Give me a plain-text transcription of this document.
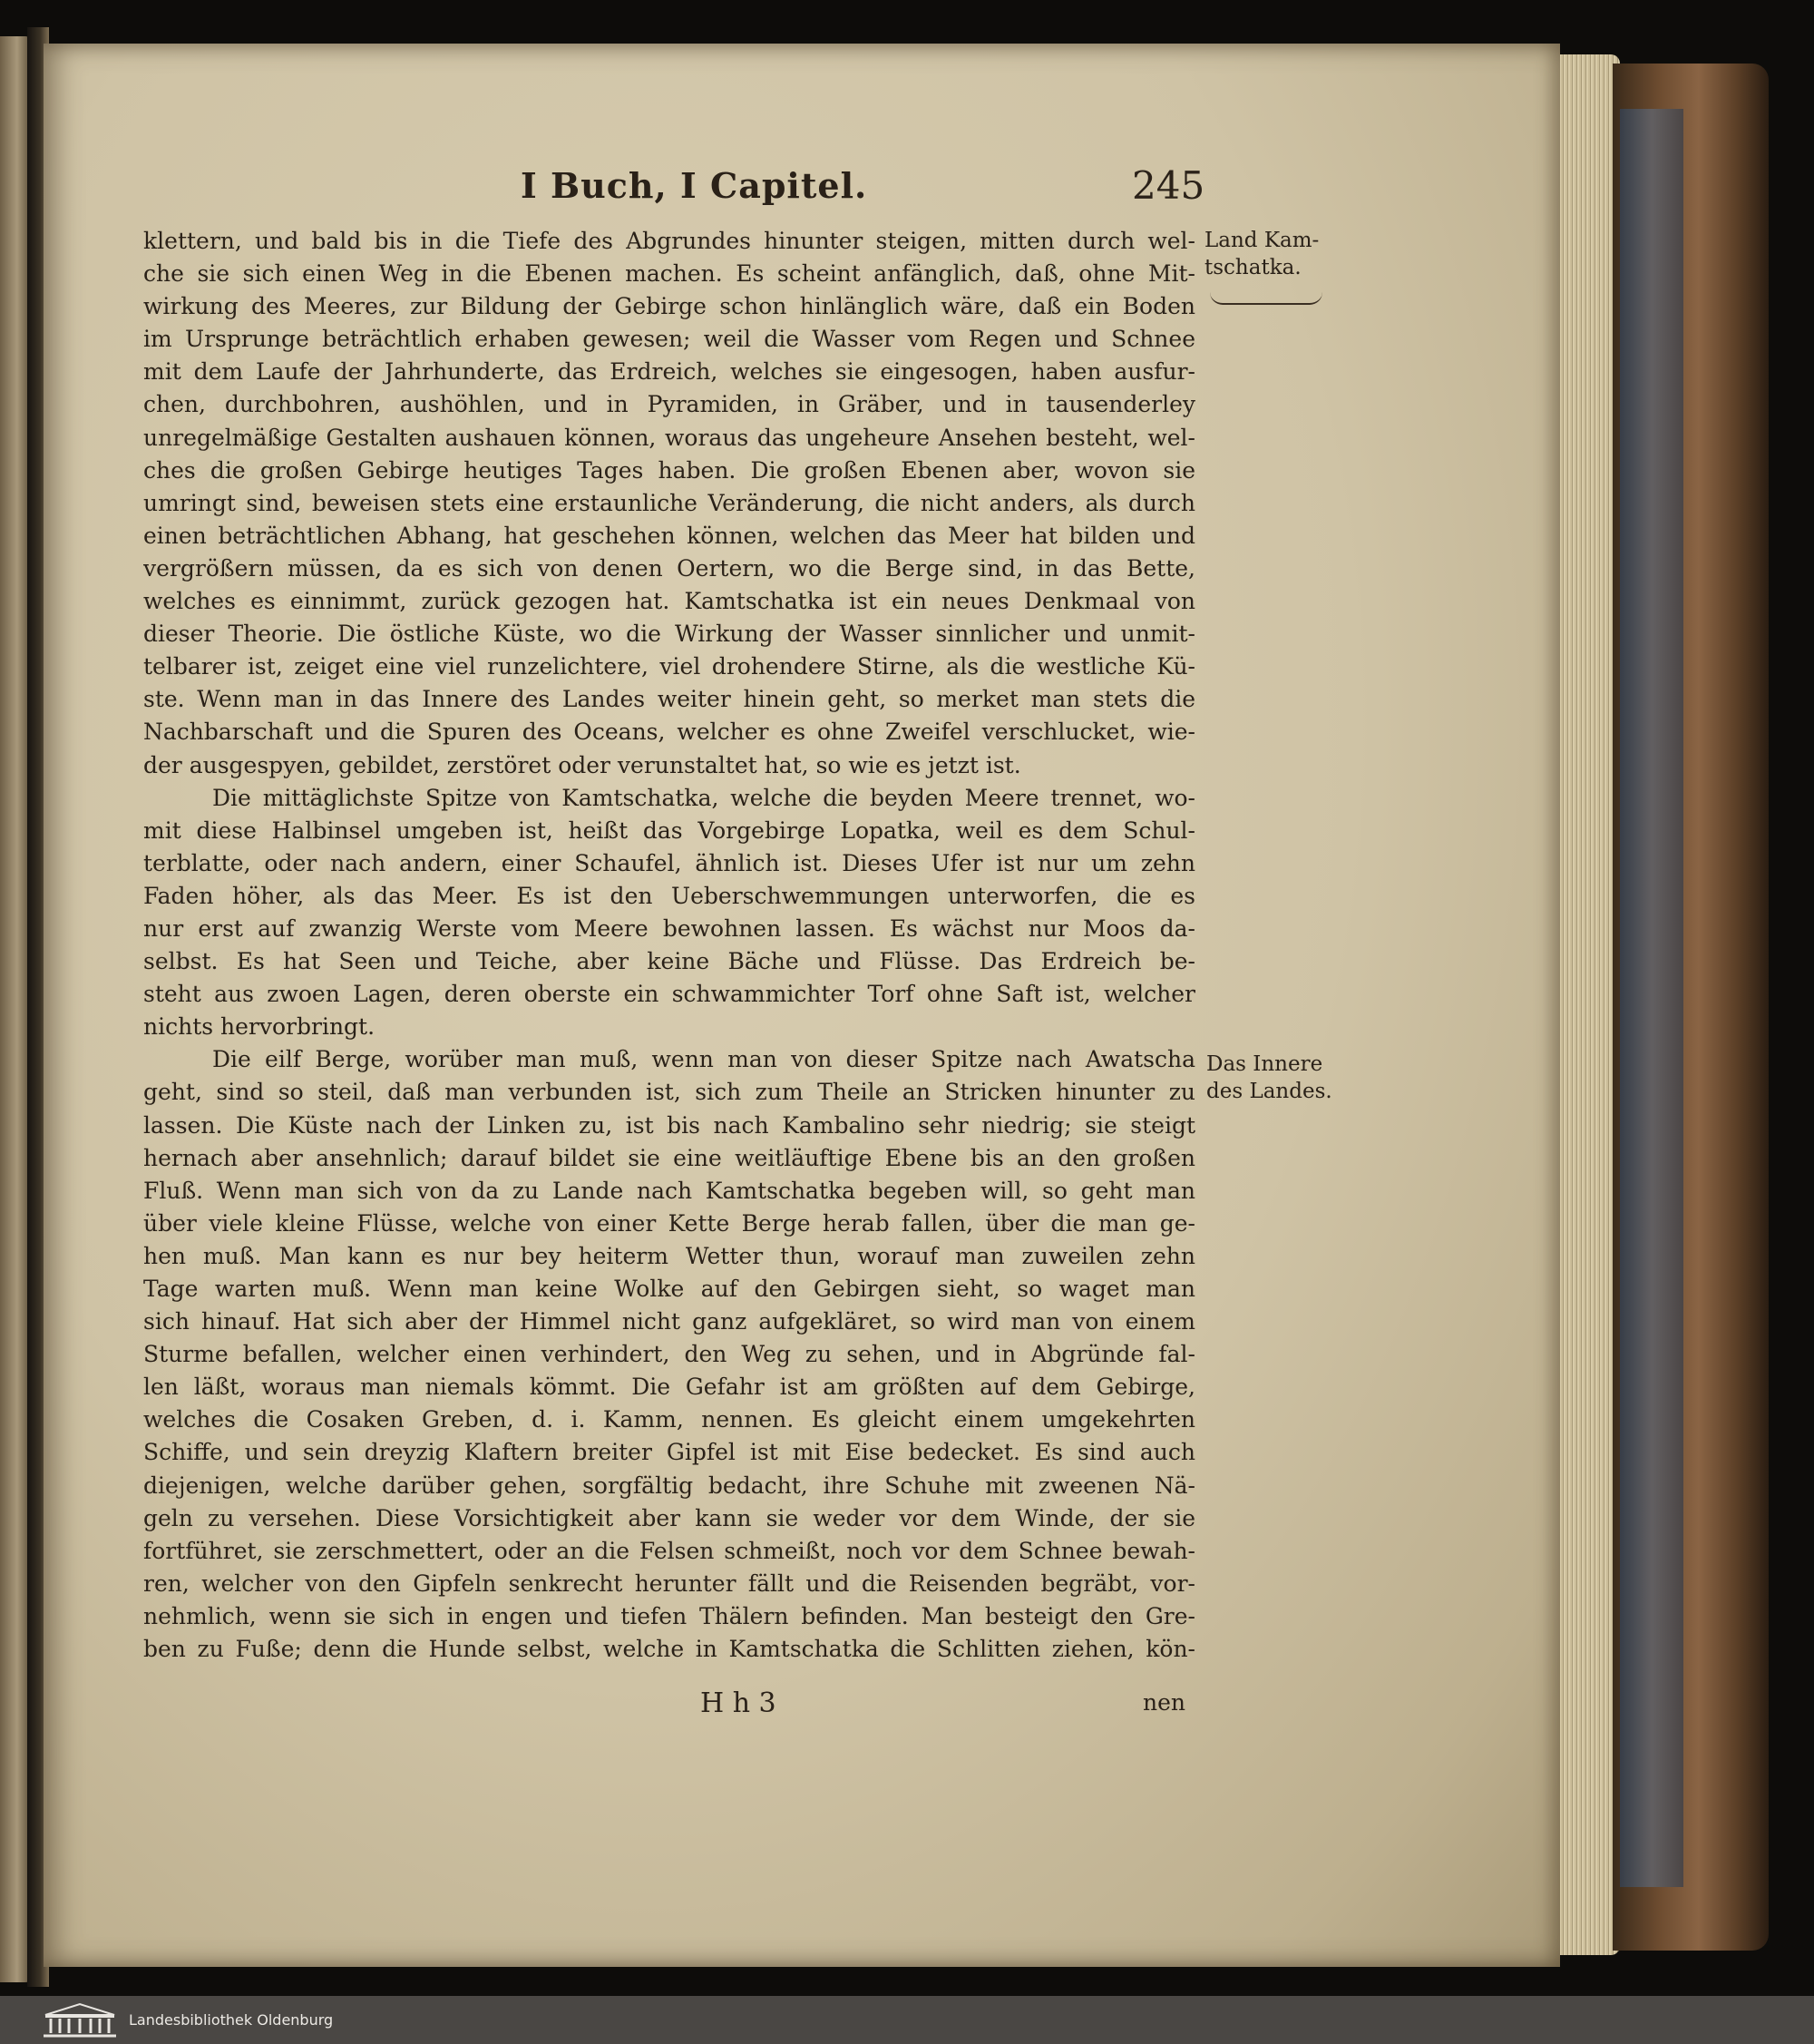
I Buch, I Capitel.	245
klettern, und bald bis in die Tiefe des Abgrundes hinunter steigen, mitten durch wel-
che sie sich einen Weg in die Ebenen machen. Es scheint anfänglich, daß, ohne Mit-
wirkung des Meeres, zur Bildung der Gebirge schon hinlänglich wäre, daß ein Boden
im Ursprunge beträchtlich erhaben gewesen; weil die Wasser vom Regen und Schnee
mit dem Laufe der Jahrhunderte, das Erdreich, welches sie eingesogen, haben ausfur-
chen, durchbohren, aushöhlen, und in Pyramiden, in Gräber, und in tausenderley
unregelmäßige Gestalten aushauen können, woraus das ungeheure Ansehen besteht, wel-
ches die großen Gebirge heutiges Tages haben. Die großen Ebenen aber, wovon sie
umringt sind, beweisen stets eine erstaunliche Veränderung, die nicht anders, als durch
einen beträchtlichen Abhang, hat geschehen können, welchen das Meer hat bilden und
vergrößern müssen, da es sich von denen Oertern, wo die Berge sind, in das Bette,
welches es einnimmt, zurück gezogen hat. Kamtschatka ist ein neues Denkmaal von
dieser Theorie. Die östliche Küste, wo die Wirkung der Wasser sinnlicher und unmit-
telbarer ist, zeiget eine viel runzelichtere, viel drohendere Stirne, als die westliche Kü-
ste. Wenn man in das Innere des Landes weiter hinein geht, so merket man stets die
Nachbarschaft und die Spuren des Oceans, welcher es ohne Zweifel verschlucket, wie-
der ausgespyen, gebildet, zerstöret oder verunstaltet hat, so wie es jetzt ist.
Die mittäglichste Spitze von Kamtschatka, welche die beyden Meere trennet, wo-
mit diese Halbinsel umgeben ist, heißt das Vorgebirge Lopatka, weil es dem Schul-
terblatte, oder nach andern, einer Schaufel, ähnlich ist. Dieses Ufer ist nur um zehn
Faden höher, als das Meer. Es ist den Ueberschwemmungen unterworfen, die es
nur erst auf zwanzig Werste vom Meere bewohnen lassen. Es wächst nur Moos da-
selbst. Es hat Seen und Teiche, aber keine Bäche und Flüsse. Das Erdreich be-
steht aus zwoen Lagen, deren oberste ein schwammichter Torf ohne Saft ist, welcher
nichts hervorbringt.
Die eilf Berge, worüber man muß, wenn man von dieser Spitze nach Awatscha
geht, sind so steil, daß man verbunden ist, sich zum Theile an Stricken hinunter zu
lassen. Die Küste nach der Linken zu, ist bis nach Kambalino sehr niedrig; sie steigt
hernach aber ansehnlich; darauf bildet sie eine weitläuftige Ebene bis an den großen
Fluß. Wenn man sich von da zu Lande nach Kamtschatka begeben will, so geht man
über viele kleine Flüsse, welche von einer Kette Berge herab fallen, über die man ge-
hen muß. Man kann es nur bey heiterm Wetter thun, worauf man zuweilen zehn
Tage warten muß. Wenn man keine Wolke auf den Gebirgen sieht, so waget man
sich hinauf. Hat sich aber der Himmel nicht ganz aufgekläret, so wird man von einem
Sturme befallen, welcher einen verhindert, den Weg zu sehen, und in Abgründe fal-
len läßt, woraus man niemals kömmt. Die Gefahr ist am größten auf dem Gebirge,
welches die Cosaken Greben, d. i. Kamm, nennen. Es gleicht einem umgekehrten
Schiffe, und sein dreyzig Klaftern breiter Gipfel ist mit Eise bedecket. Es sind auch
diejenigen, welche darüber gehen, sorgfältig bedacht, ihre Schuhe mit zweenen Nä-
geln zu versehen. Diese Vorsichtigkeit aber kann sie weder vor dem Winde, der sie
fortführet, sie zerschmettert, oder an die Felsen schmeißt, noch vor dem Schnee bewah-
ren, welcher von den Gipfeln senkrecht herunter fällt und die Reisenden begräbt, vor-
nehmlich, wenn sie sich in engen und tiefen Thälern befinden. Man besteigt den Gre-
ben zu Fuße; denn die Hunde selbst, welche in Kamtschatka die Schlitten ziehen, kön-
Land Kam-
tschatka.
Das Innere
des Landes.
H h 3	nen
Landesbibliothek Oldenburg
